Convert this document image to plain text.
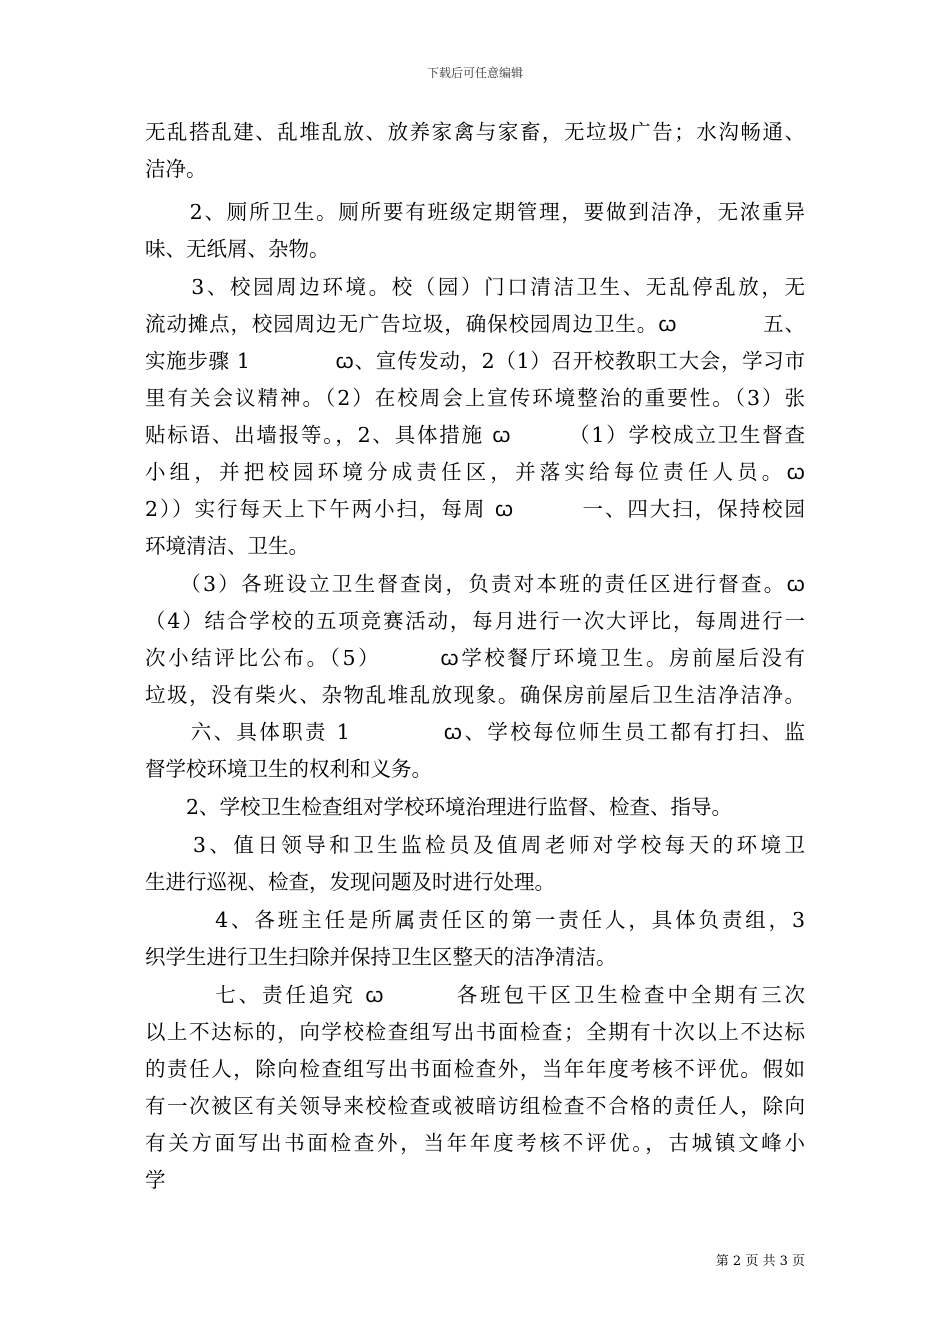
下载后可任意编辑
无乱搭乱建、乱堆乱放、放养家禽与家畜，无垃圾广告；水沟畅通、
洁净。
　　2、厕所卫生。厕所要有班级定期管理，要做到洁净，无浓重异
味、无纸屑、杂物。
　　3、校园周边环境。校（园）门口清洁卫生、无乱停乱放，无
流动摊点，校园周边无广告垃圾，确保校园周边卫生。ꞷ　　　　五、
实施步骤 1　　　　ꞷ、宣传发动，2（1）召开校教职工大会，学习市
里有关会议精神。（2）在校周会上宣传环境整治的重要性。（3）张
贴标语、出墙报等。，2、具体措施 ꞷ　　　（1）学校成立卫生督查
小组，并把校园环境分成责任区，并落实给每位责任人员。ꞷ
2））实行每天上下午两小扫，每周 ꞷ　　　一、四大扫，保持校园
环境清洁、卫生。
　　（3）各班设立卫生督查岗，负责对本班的责任区进行督查。ꞷ
（4）结合学校的五项竞赛活动，每月进行一次大评比，每周进行一
次小结评比公布。（5）　　　ꞷ学校餐厅环境卫生。房前屋后没有
垃圾，没有柴火、杂物乱堆乱放现象。确保房前屋后卫生洁净洁净。
　　六、具体职责 1　　　　ꞷ、学校每位师生员工都有打扫、监
督学校环境卫生的权利和义务。
　　2、学校卫生检查组对学校环境治理进行监督、检查、指导。
　　3、值日领导和卫生监检员及值周老师对学校每天的环境卫
生进行巡视、检查，发现问题及时进行处理。
　　　4、各班主任是所属责任区的第一责任人，具体负责组，3
织学生进行卫生扫除并保持卫生区整天的洁净清洁。
　　　七、责任追究 ꞷ　　　各班包干区卫生检查中全期有三次
以上不达标的，向学校检查组写出书面检查；全期有十次以上不达标
的责任人，除向检查组写出书面检查外，当年年度考核不评优。假如
有一次被区有关领导来校检查或被暗访组检查不合格的责任人，除向
有关方面写出书面检查外，当年年度考核不评优。，古城镇文峰小
学
第 2 页 共 3 页
